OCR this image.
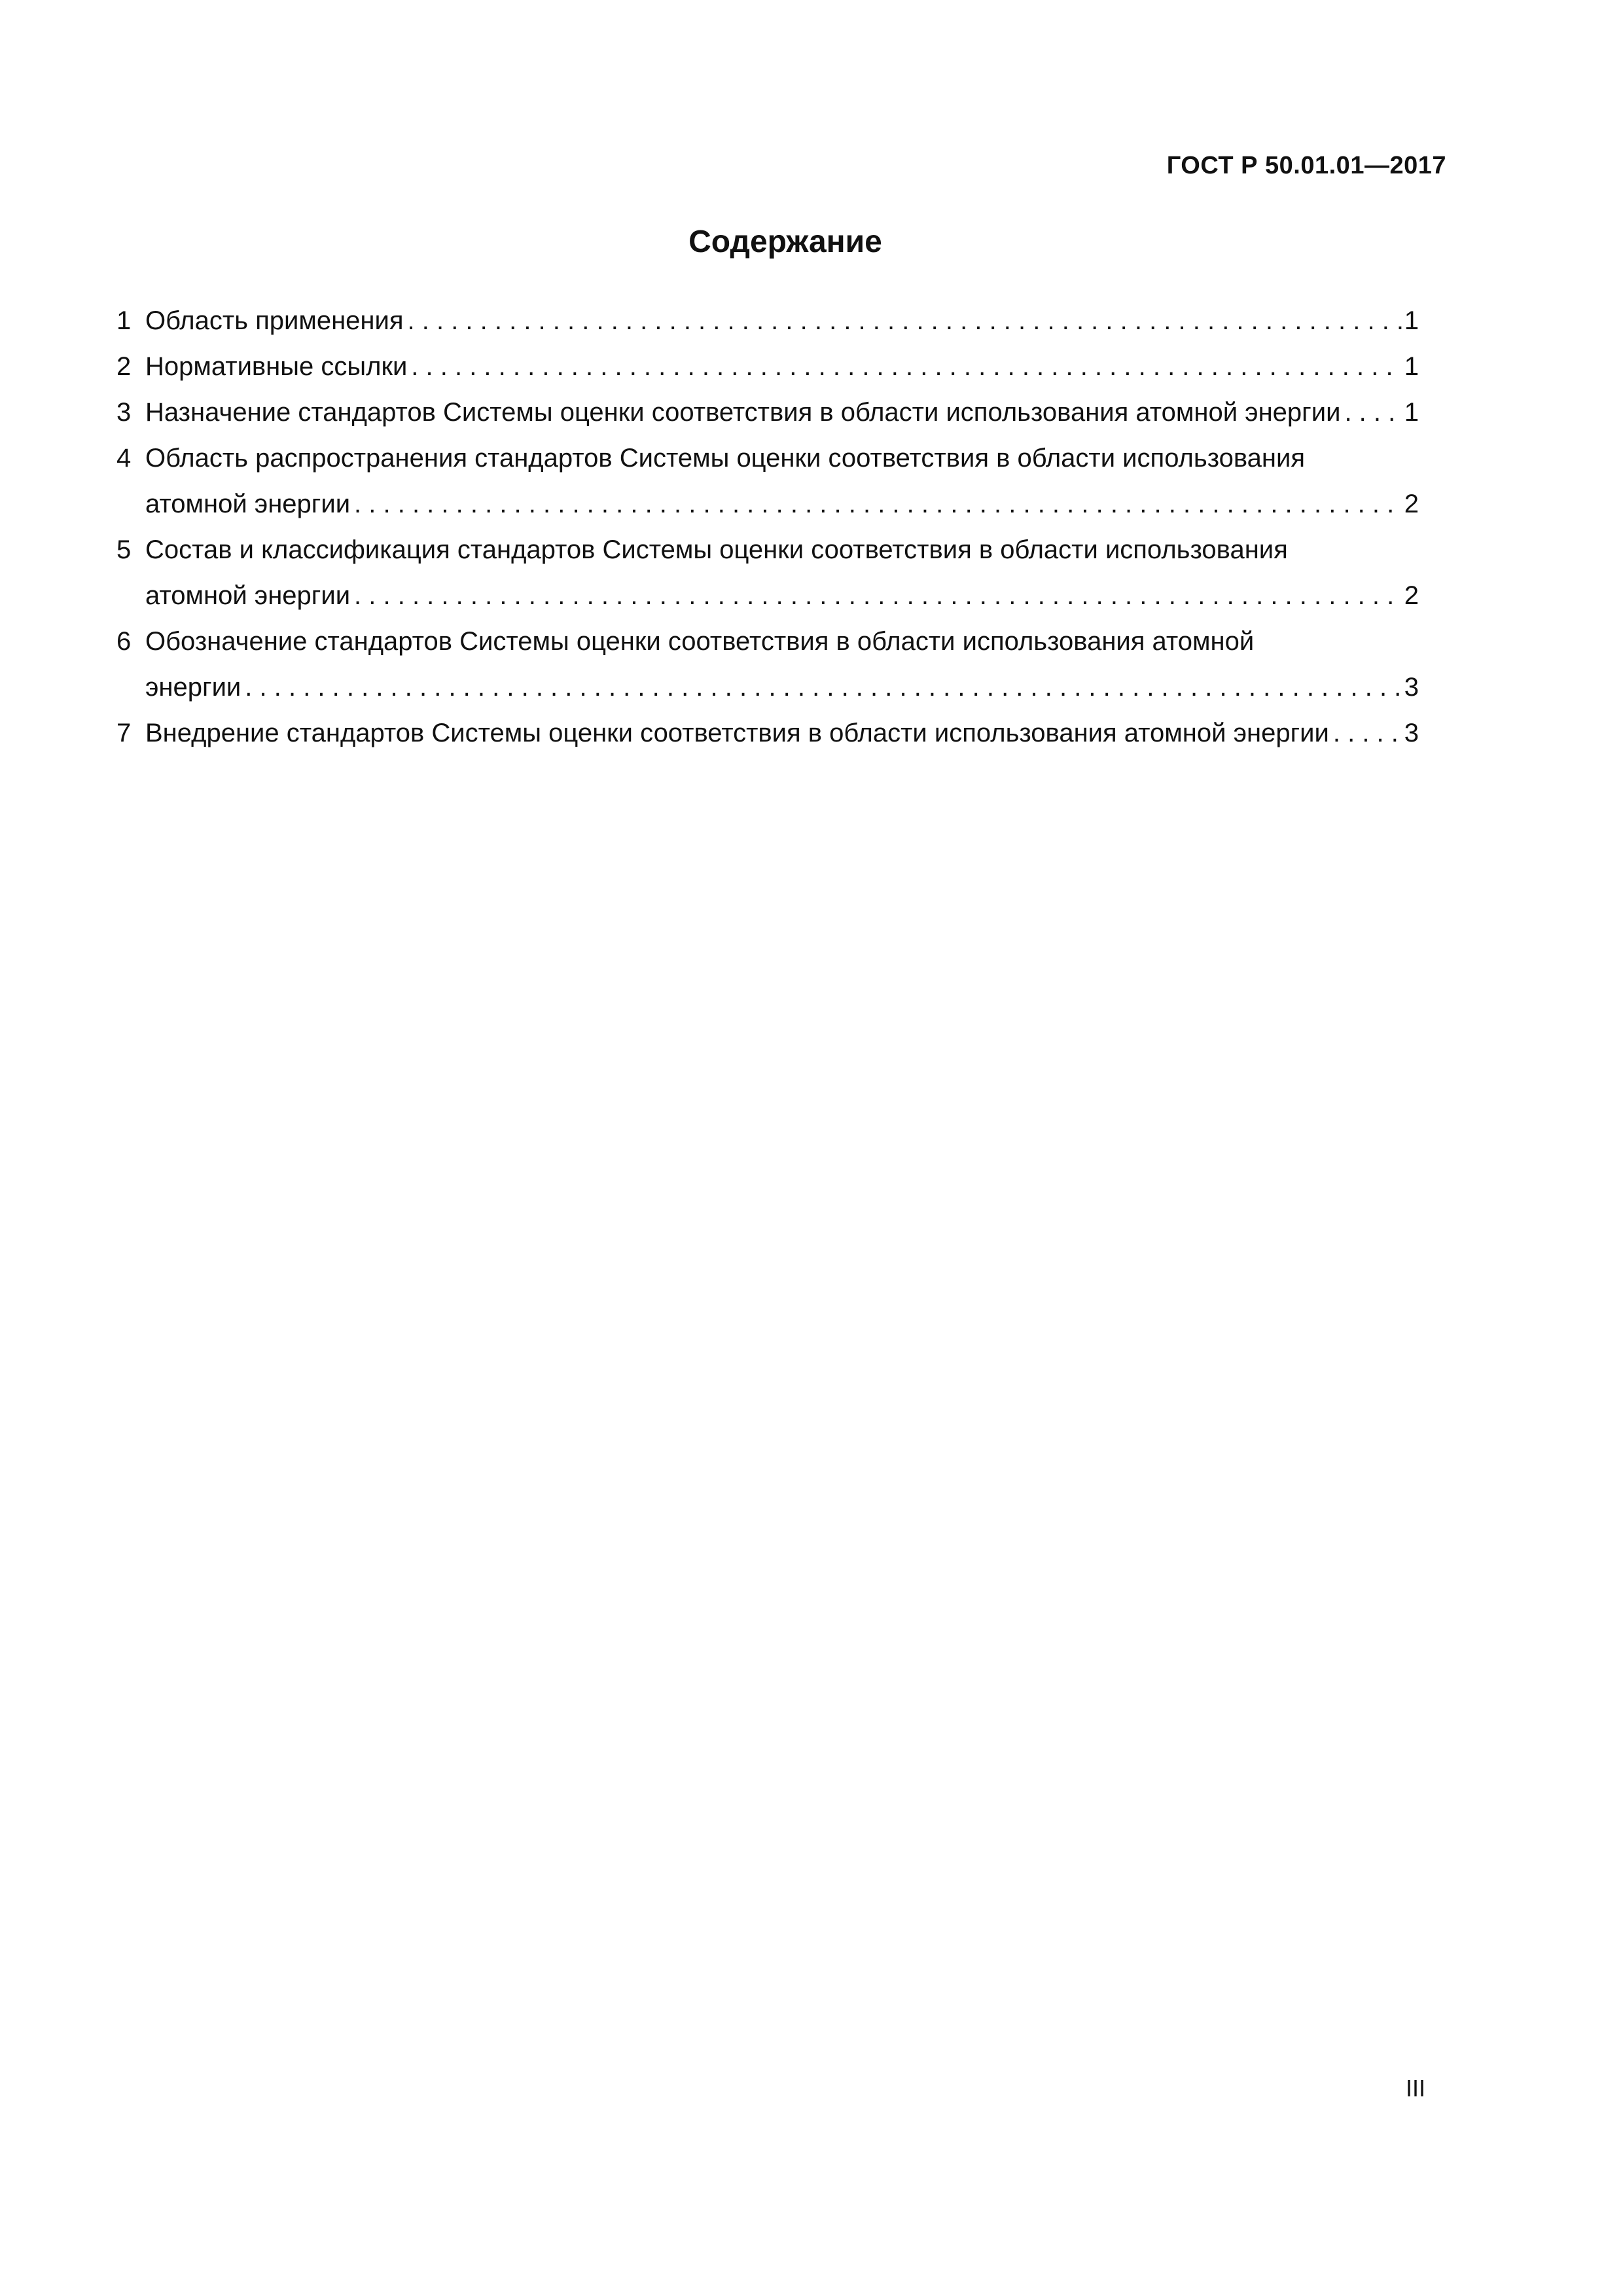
ГОСТ Р 50.01.01—2017
Содержание
1 Область применения . . .	1
2 Нормативные ссылки . . .	1
3 Назначение стандартов Системы оценки соответствия в области использования атомной энергии . . . 1
4 Область распространения стандартов Системы оценки соответствия в области использования
атомной энергии . . .	2
5 Состав и классификация стандартов Системы оценки соответствия в области использования
атомной энергии . . .	2
6 Обозначение стандартов Системы оценки соответствия в области использования атомной
энергии . . .	3
7 Внедрение стандартов Системы оценки соответствия в области использования атомной энергии . . .	3
III
